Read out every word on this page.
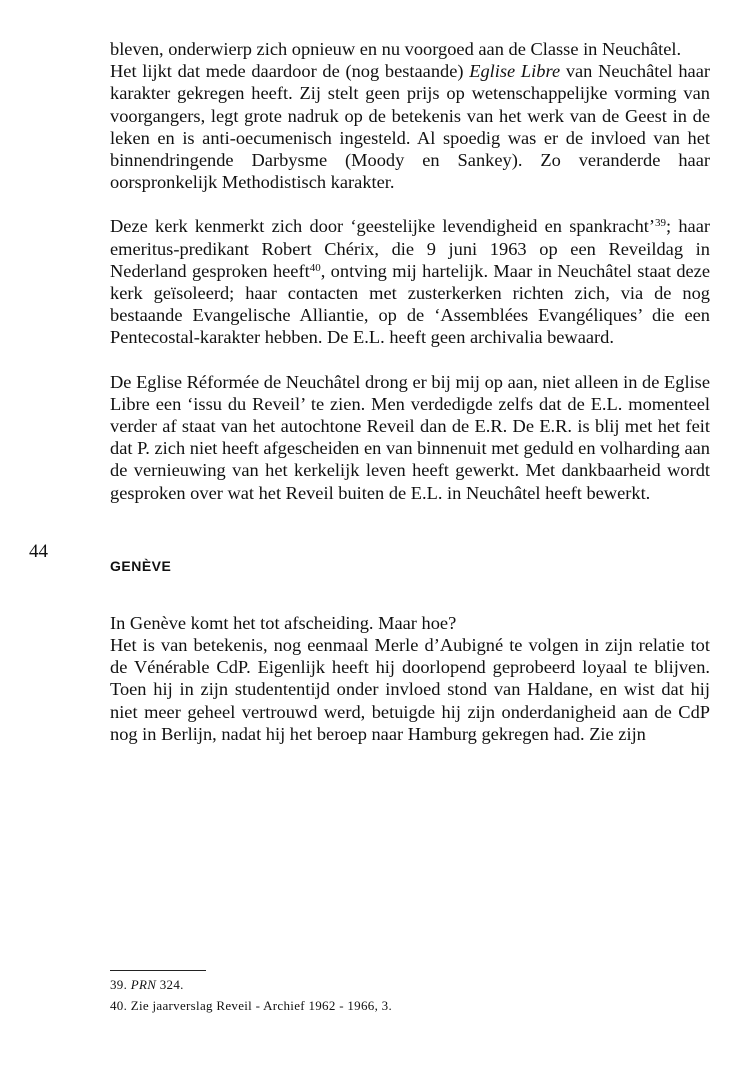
44

bleven, onderwierp zich opnieuw en nu voorgoed aan de Classe in Neuchâtel.
Het lijkt dat mede daardoor de (nog bestaande) Eglise Libre van Neuchâtel haar karakter gekregen heeft. Zij stelt geen prijs op wetenschappelijke vorming van voorgangers, legt grote nadruk op de betekenis van het werk van de Geest in de leken en is anti-oecumenisch ingesteld. Al spoedig was er de invloed van het binnendringende Darbysme (Moody en Sankey). Zo veranderde haar oorspronkelijk Methodistisch karakter.

Deze kerk kenmerkt zich door ‘geestelijke levendigheid en spankracht’$^{39}$; haar emeritus-predikant Robert Chérix, die 9 juni 1963 op een Reveildag in Nederland gesproken heeft$^{40}$, ontving mij hartelijk. Maar in Neuchâtel staat deze kerk geïsoleerd; haar contacten met zusterkerken richten zich, via de nog bestaande Evangelische Alliantie, op de ‘Assemblées Evangéliques’ die een Pentecostal-karakter hebben. De E.L. heeft geen archivalia bewaard.

De Eglise Réformée de Neuchâtel drong er bij mij op aan, niet alleen in de Eglise Libre een ‘issu du Reveil’ te zien. Men verdedigde zelfs dat de E.L. momenteel verder af staat van het autochtone Reveil dan de E.R. De E.R. is blij met het feit dat P. zich niet heeft afgescheiden en van binnenuit met geduld en volharding aan de vernieuwing van het kerkelijk leven heeft gewerkt. Met dankbaarheid wordt gesproken over wat het Reveil buiten de E.L. in Neuchâtel heeft bewerkt.

GENÈVE

In Genève komt het tot afscheiding. Maar hoe?
Het is van betekenis, nog eenmaal Merle d’Aubigné te volgen in zijn relatie tot de Vénérable CdP. Eigenlijk heeft hij doorlopend geprobeerd loyaal te blijven. Toen hij in zijn studententijd onder invloed stond van Haldane, en wist dat hij niet meer geheel vertrouwd werd, betuigde hij zijn onderdanigheid aan de CdP nog in Berlijn, nadat hij het beroep naar Hamburg gekregen had. Zie zijn

39. PRN 324.
40. Zie jaarverslag Reveil - Archief 1962 - 1966, 3.
